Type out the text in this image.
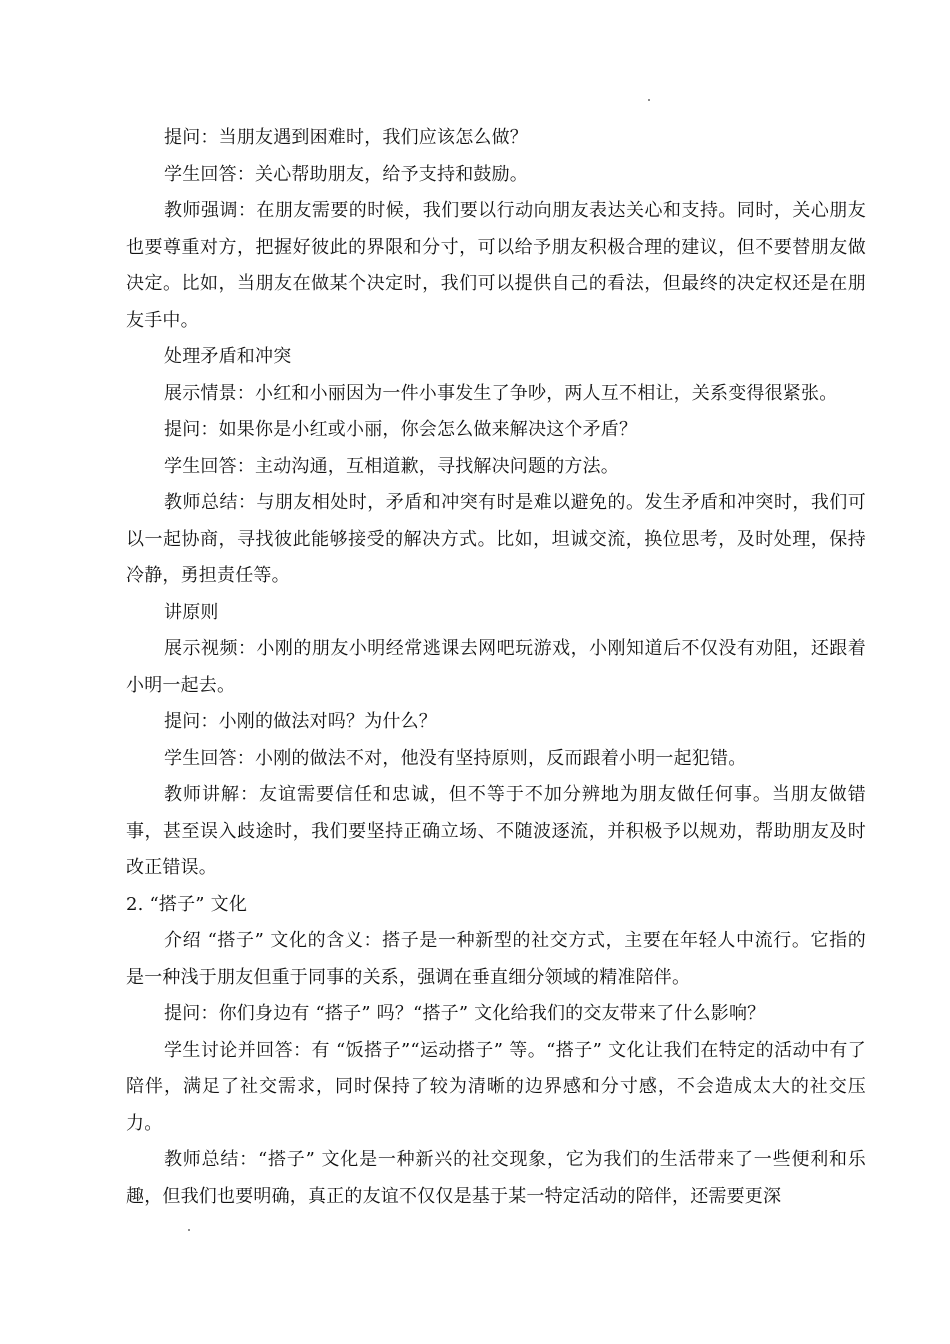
提问：当朋友遇到困难时，我们应该怎么做？

学生回答：关心帮助朋友，给予支持和鼓励。

教师强调：在朋友需要的时候，我们要以行动向朋友表达关心和支持。同时，关心朋友也要尊重对方，把握好彼此的界限和分寸，可以给予朋友积极合理的建议，但不要替朋友做决定。比如，当朋友在做某个决定时，我们可以提供自己的看法，但最终的决定权还是在朋友手中。

处理矛盾和冲突

展示情景：小红和小丽因为一件小事发生了争吵，两人互不相让，关系变得很紧张。

提问：如果你是小红或小丽，你会怎么做来解决这个矛盾？

学生回答：主动沟通，互相道歉，寻找解决问题的方法。

教师总结：与朋友相处时，矛盾和冲突有时是难以避免的。发生矛盾和冲突时，我们可以一起协商，寻找彼此能够接受的解决方式。比如，坦诚交流，换位思考，及时处理，保持冷静，勇担责任等。

讲原则

展示视频：小刚的朋友小明经常逃课去网吧玩游戏，小刚知道后不仅没有劝阻，还跟着小明一起去。

提问：小刚的做法对吗？为什么？

学生回答：小刚的做法不对，他没有坚持原则，反而跟着小明一起犯错。

教师讲解：友谊需要信任和忠诚，但不等于不加分辨地为朋友做任何事。当朋友做错事，甚至误入歧途时，我们要坚持正确立场、不随波逐流，并积极予以规劝，帮助朋友及时改正错误。

2. “搭子” 文化

介绍 “搭子” 文化的含义：搭子是一种新型的社交方式，主要在年轻人中流行。它指的是一种浅于朋友但重于同事的关系，强调在垂直细分领域的精准陪伴。

提问：你们身边有 “搭子” 吗？“搭子” 文化给我们的交友带来了什么影响？

学生讨论并回答：有 “饭搭子”“运动搭子” 等。“搭子” 文化让我们在特定的活动中有了陪伴，满足了社交需求，同时保持了较为清晰的边界感和分寸感，不会造成太大的社交压力。

教师总结：“搭子” 文化是一种新兴的社交现象，它为我们的生活带来了一些便利和乐趣，但我们也要明确，真正的友谊不仅仅是基于某一特定活动的陪伴，还需要更深
